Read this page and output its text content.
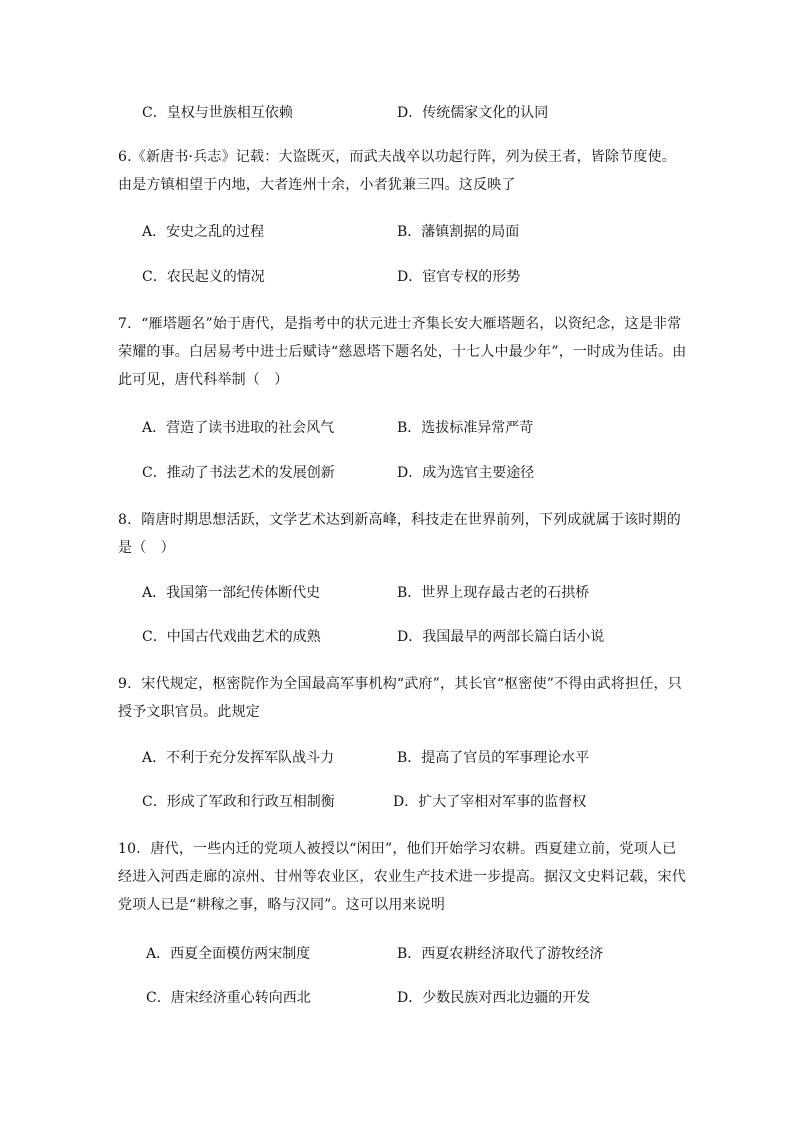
C．皇权与世族相互依赖	D．传统儒家文化的认同
6.《新唐书·兵志》记载：大盗既灭，而武夫战卒以功起行阵，列为侯王者，皆除节度使。由是方镇相望于内地，大者连州十余，小者犹兼三四。这反映了
A．安史之乱的过程	B．藩镇割据的局面
C．农民起义的情况	D．宦官专权的形势
7．“雁塔题名”始于唐代，是指考中的状元进士齐集长安大雁塔题名，以资纪念，这是非常荣耀的事。白居易考中进士后赋诗“慈恩塔下题名处，十七人中最少年”，一时成为佳话。由此可见，唐代科举制（　）
A．营造了读书进取的社会风气	B．选拔标准异常严苛
C．推动了书法艺术的发展创新	D．成为选官主要途径
8．隋唐时期思想活跃，文学艺术达到新高峰，科技走在世界前列，下列成就属于该时期的是（　）
A．我国第一部纪传体断代史	B．世界上现存最古老的石拱桥
C．中国古代戏曲艺术的成熟	D．我国最早的两部长篇白话小说
9．宋代规定，枢密院作为全国最高军事机构“武府”，其长官“枢密使”不得由武将担任，只授予文职官员。此规定
A．不利于充分发挥军队战斗力	B．提高了官员的军事理论水平
C．形成了军政和行政互相制衡	D．扩大了宰相对军事的监督权
10．唐代，一些内迁的党项人被授以“闲田”，他们开始学习农耕。西夏建立前，党项人已经进入河西走廊的凉州、甘州等农业区，农业生产技术进一步提高。据汉文史料记载，宋代党项人已是“耕稼之事，略与汉同”。这可以用来说明
A．西夏全面模仿两宋制度	B．西夏农耕经济取代了游牧经济
C．唐宋经济重心转向西北	D．少数民族对西北边疆的开发
